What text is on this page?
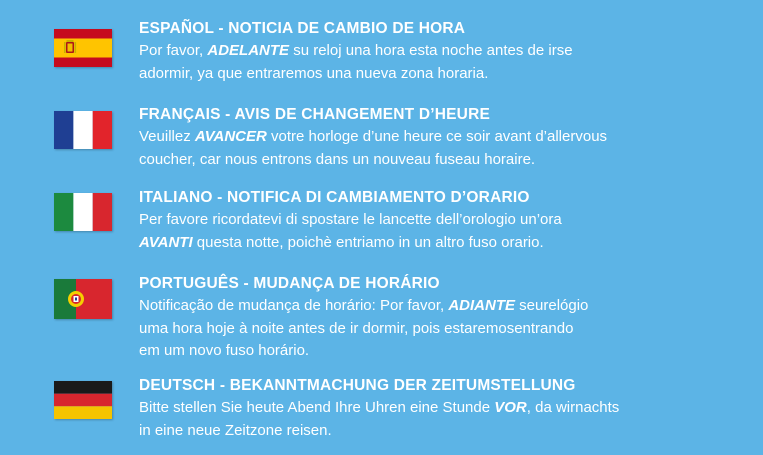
ESPAÑOL - NOTICIA DE CAMBIO DE HORA
Por favor, ADELANTE su reloj una hora esta noche antes de irse
adormir, ya que entraremos una nueva zona horaria.
FRANÇAIS - AVIS DE CHANGEMENT D’HEURE
Veuillez AVANCER votre horloge d’une heure ce soir avant d’allervous
coucher, car nous entrons dans un nouveau fuseau horaire.
ITALIANO - NOTIFICA DI CAMBIAMENTO D’ORARIO
Per favore ricordatevi di spostare le lancette dell’orologio un’ora
AVANTI questa notte, poichè entriamo in un altro fuso orario.
PORTUGUÊS - MUDANÇA DE HORÁRIO
Notificação de mudança de horário: Por favor, ADIANTE seurelógio
uma hora hoje à noite antes de ir dormir, pois estaremosentrando
em um novo fuso horário.
DEUTSCH - BEKANNTMACHUNG DER ZEITUMSTELLUNG
Bitte stellen Sie heute Abend Ihre Uhren eine Stunde VOR, da wirnachts
in eine neue Zeitzone reisen.
